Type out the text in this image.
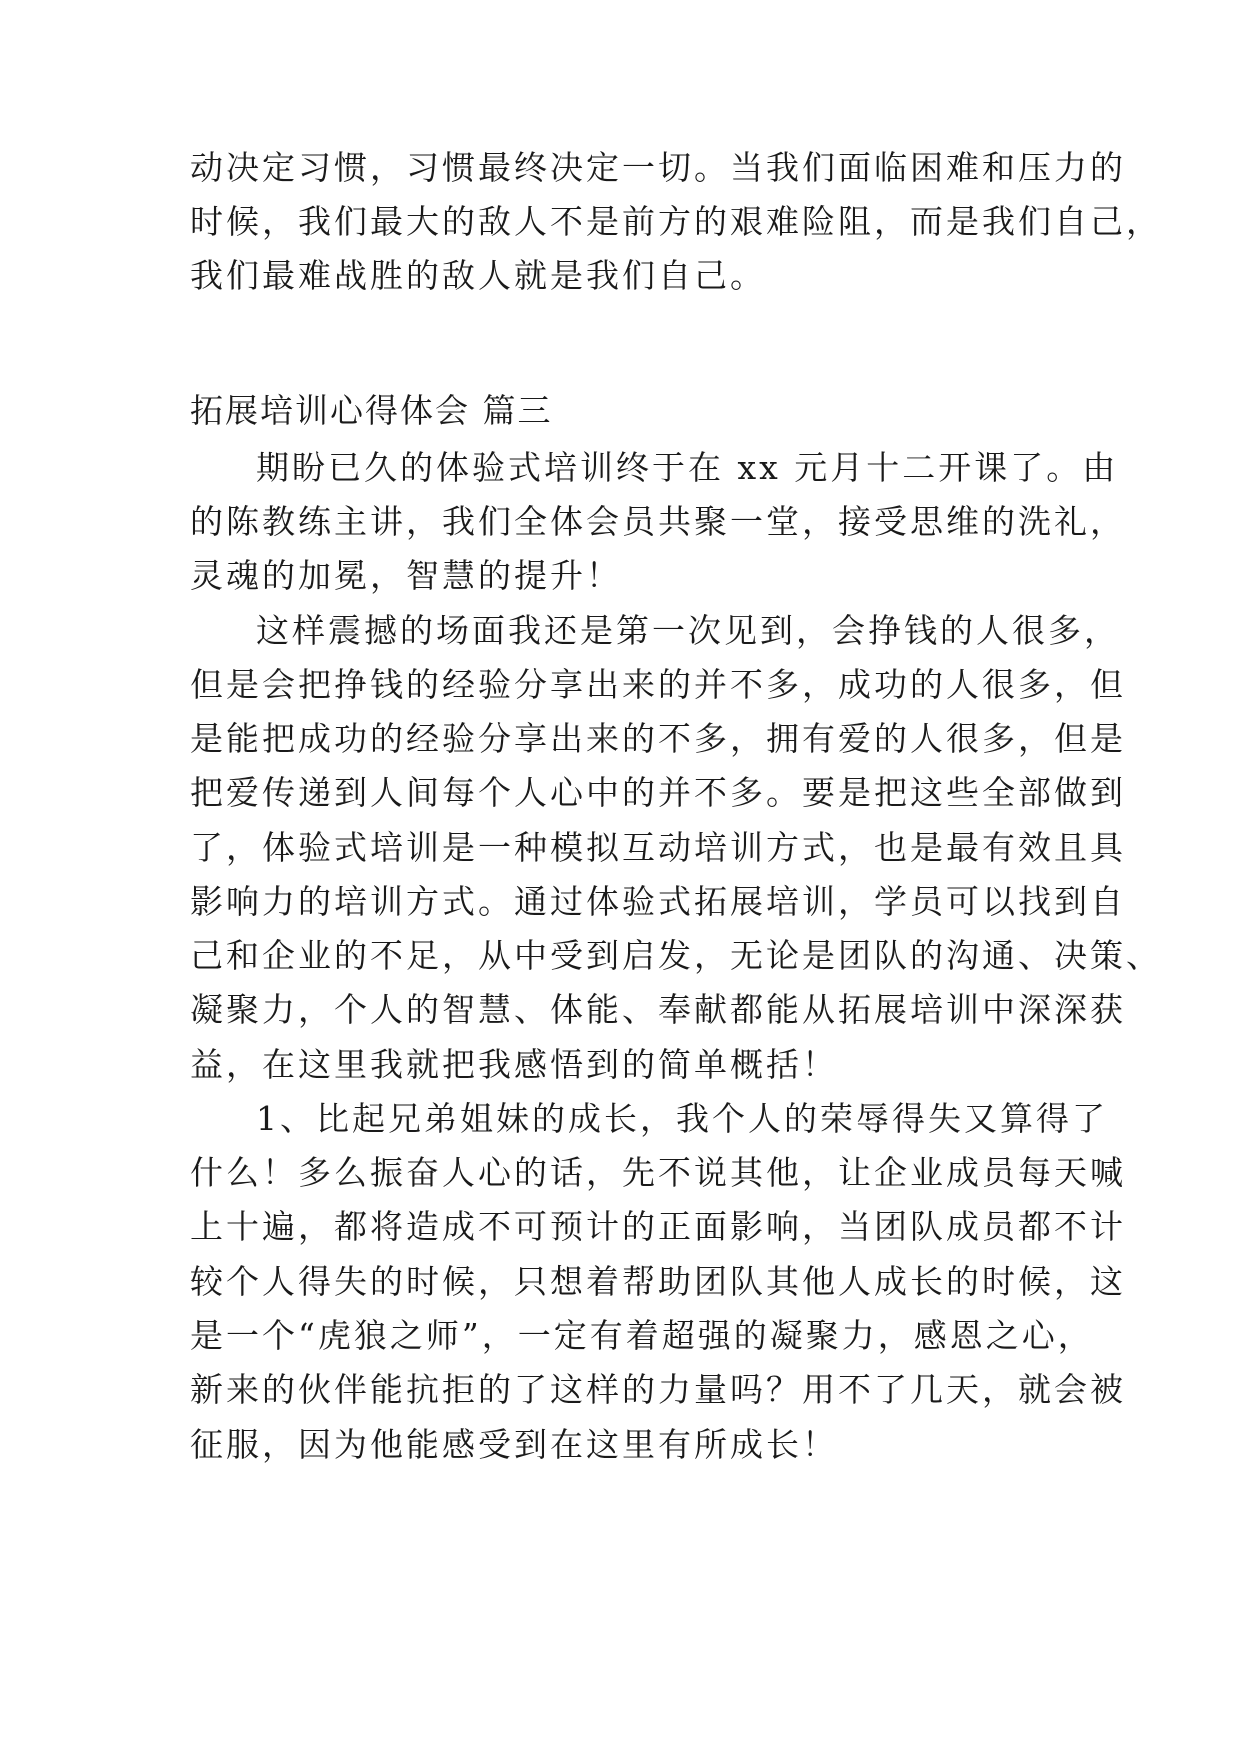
动决定习惯，习惯最终决定一切。当我们面临困难和压力的
时候，我们最大的敌人不是前方的艰难险阻，而是我们自己，
我们最难战胜的敌人就是我们自己。
拓展培训心得体会 篇三
期盼已久的体验式培训终于在 xx 元月十二开课了。由
的陈教练主讲，我们全体会员共聚一堂，接受思维的洗礼，
灵魂的加冕，智慧的提升！
这样震撼的场面我还是第一次见到，会挣钱的人很多，
但是会把挣钱的经验分享出来的并不多，成功的人很多，但
是能把成功的经验分享出来的不多，拥有爱的人很多，但是
把爱传递到人间每个人心中的并不多。要是把这些全部做到
了，体验式培训是一种模拟互动培训方式，也是最有效且具
影响力的培训方式。通过体验式拓展培训，学员可以找到自
己和企业的不足，从中受到启发，无论是团队的沟通、决策、
凝聚力，个人的智慧、体能、奉献都能从拓展培训中深深获
益，在这里我就把我感悟到的简单概括！
1、比起兄弟姐妹的成长，我个人的荣辱得失又算得了
什么！多么振奋人心的话，先不说其他，让企业成员每天喊
上十遍，都将造成不可预计的正面影响，当团队成员都不计
较个人得失的时候，只想着帮助团队其他人成长的时候，这
是一个“虎狼之师”，一定有着超强的凝聚力，感恩之心，
新来的伙伴能抗拒的了这样的力量吗？用不了几天，就会被
征服，因为他能感受到在这里有所成长！
